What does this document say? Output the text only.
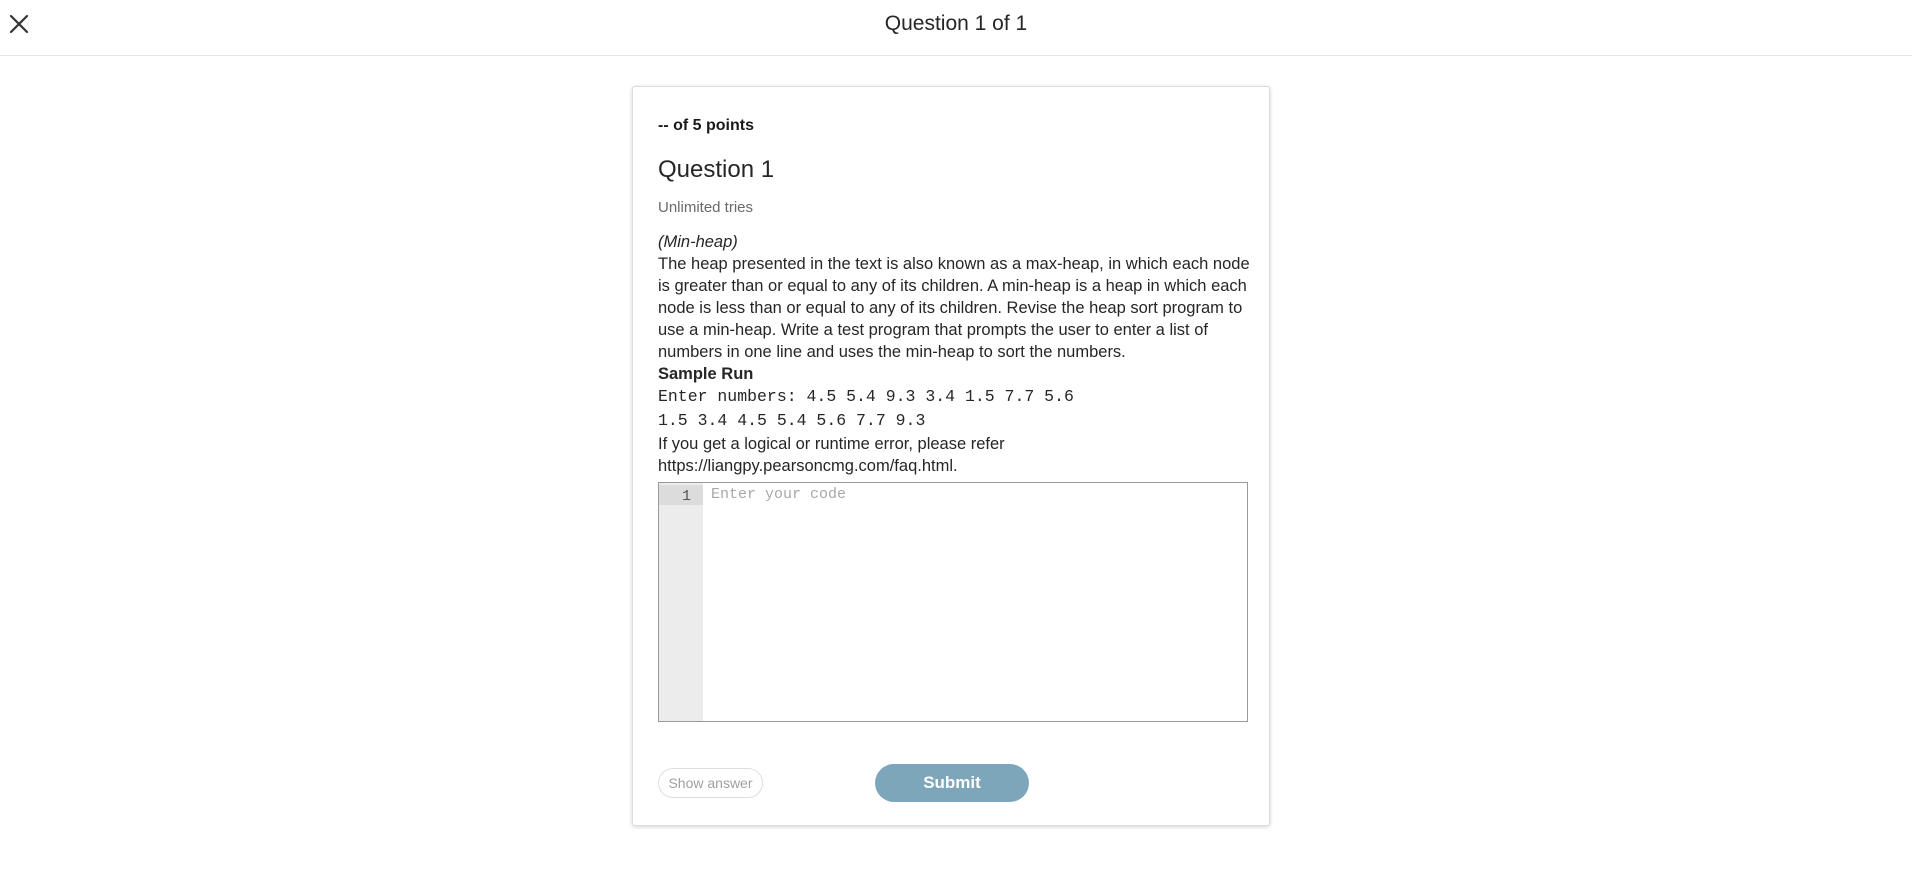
Question 1 of 1
-- of 5 points
Question 1
Unlimited tries
(Min-heap)
The heap presented in the text is also known as a max-heap, in which each node is greater than or equal to any of its children. A min-heap is a heap in which each node is less than or equal to any of its children. Revise the heap sort program to use a min-heap. Write a test program that prompts the user to enter a list of numbers in one line and uses the min-heap to sort the numbers.
Sample Run
Enter numbers: 4.5 5.4 9.3 3.4 1.5 7.7 5.6
1.5 3.4 4.5 5.4 5.6 7.7 9.3
If you get a logical or runtime error, please refer
https://liangpy.pearsoncmg.com/faq.html.
1
Enter your code
Show answer	Submit
